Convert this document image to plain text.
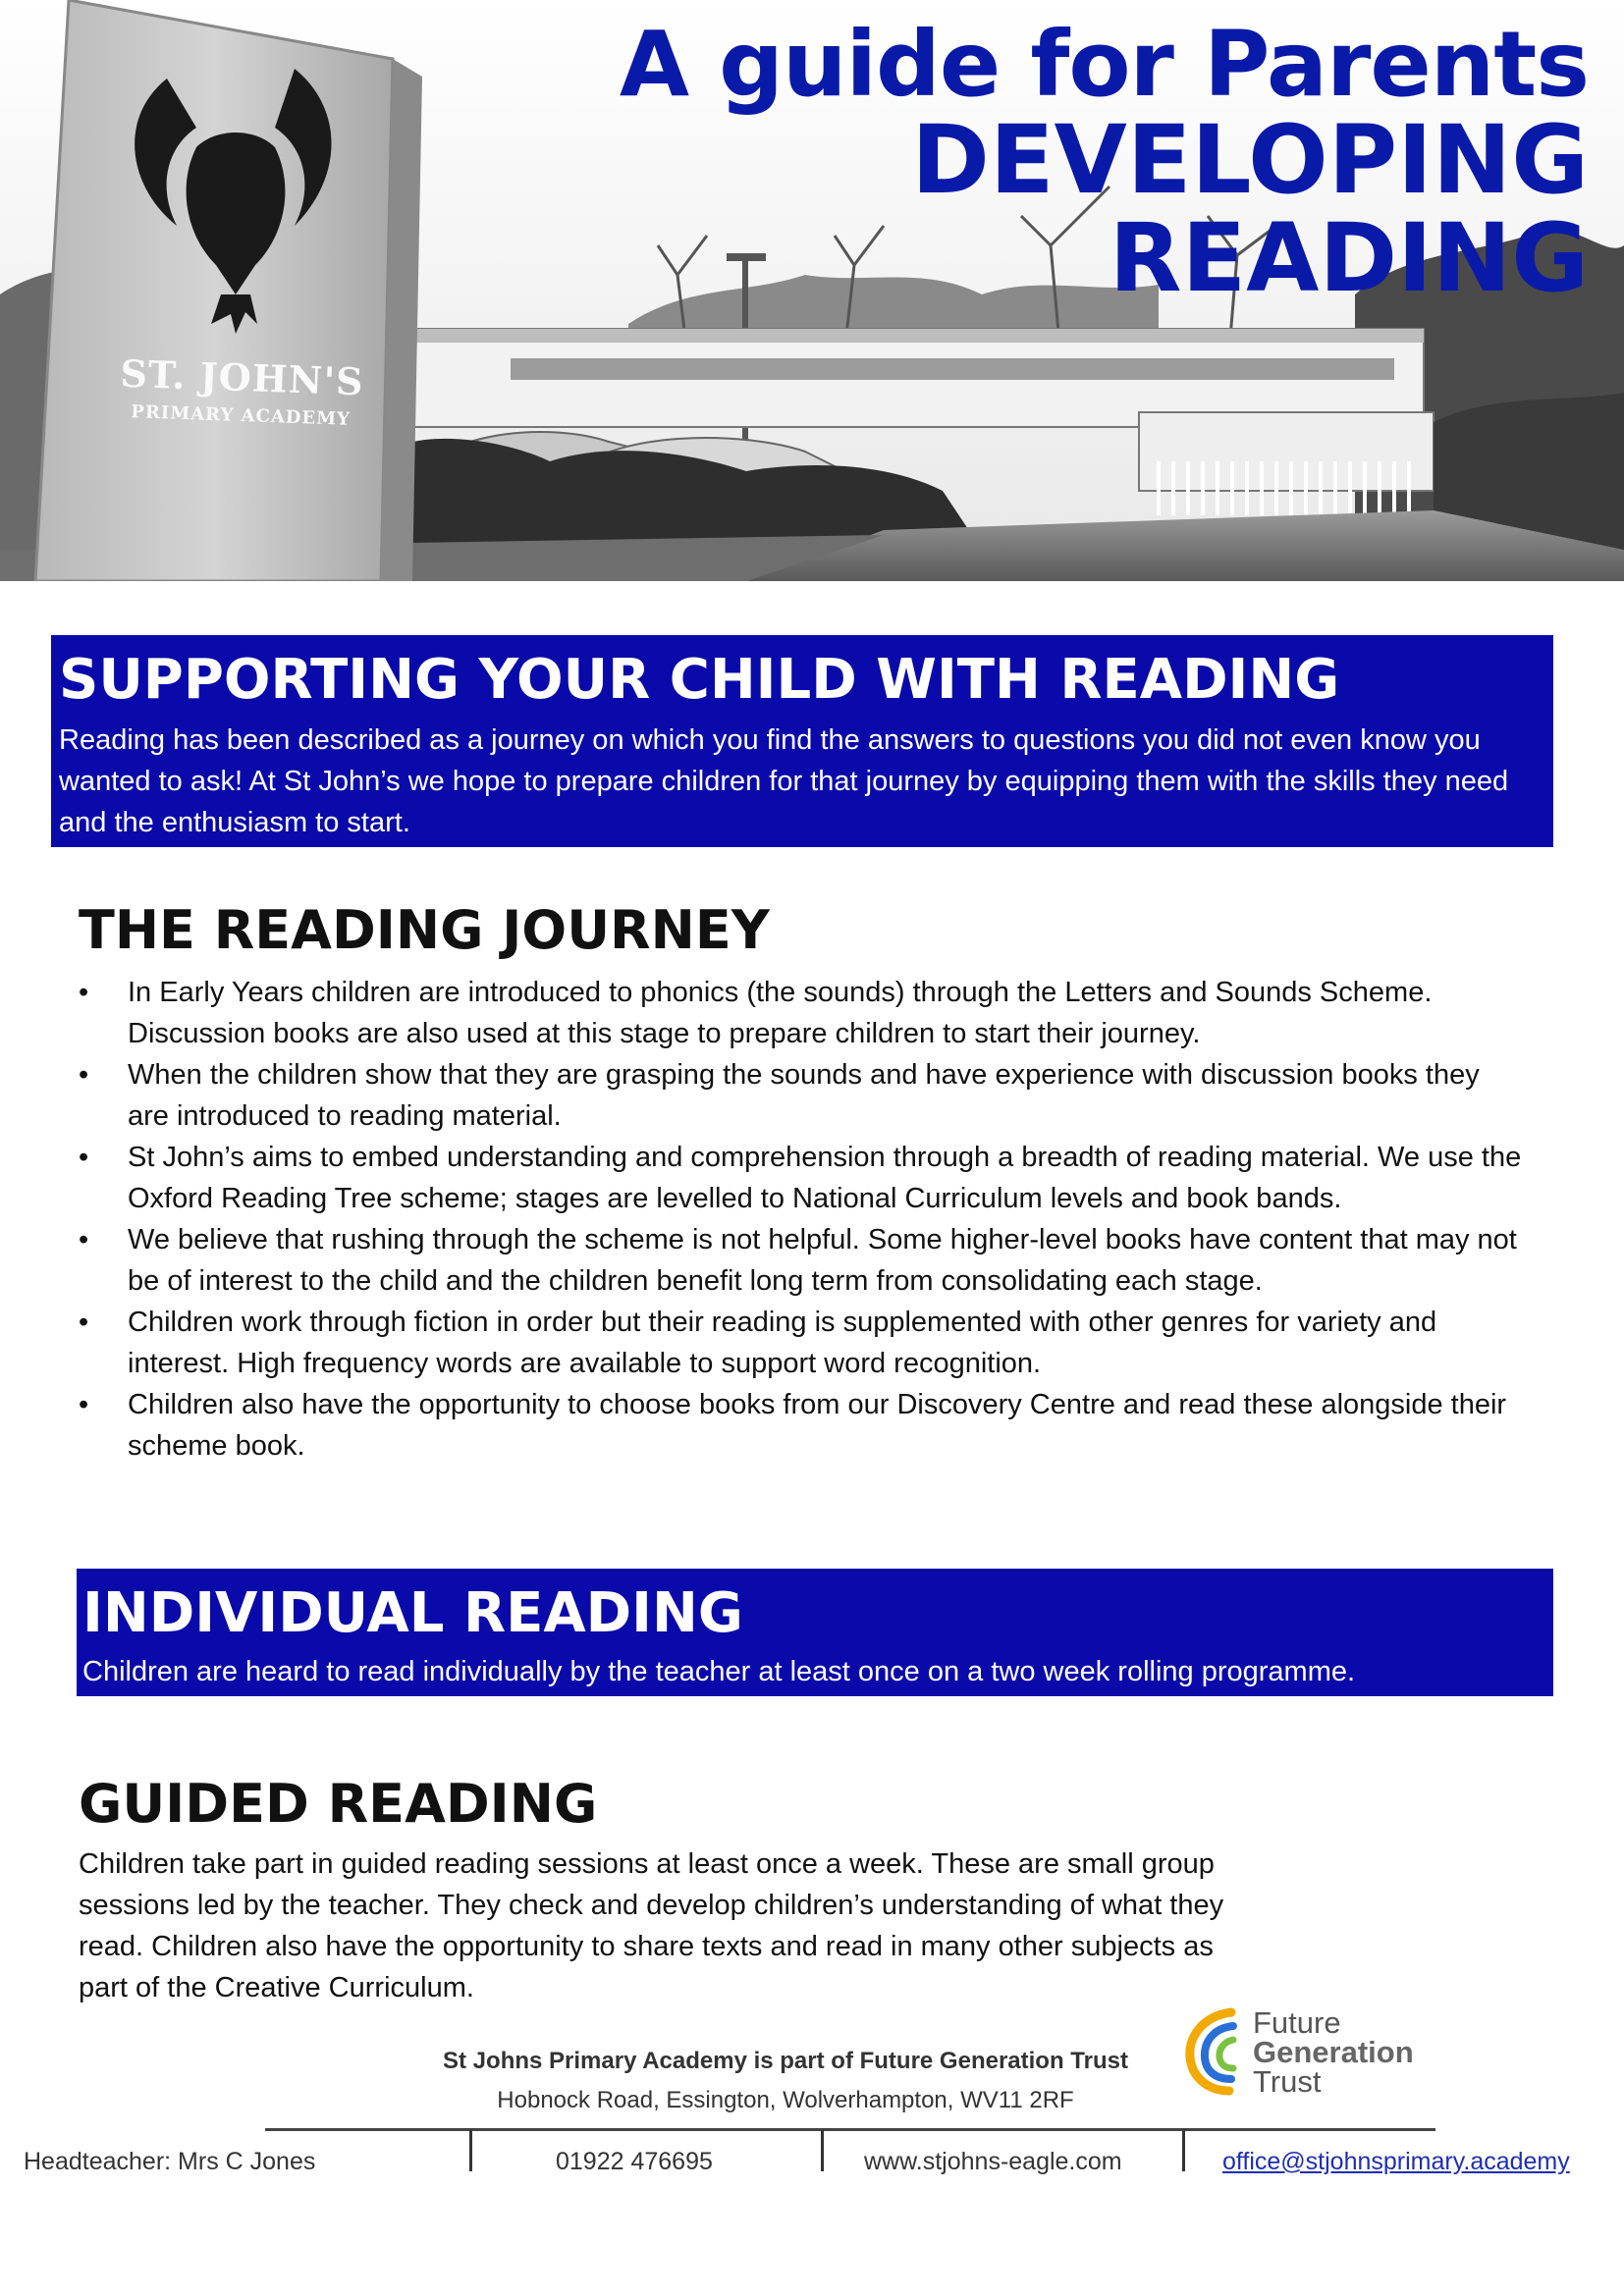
ST. JOHN'S
PRIMARY ACADEMY
A guide for Parents
DEVELOPING
READING
SUPPORTING YOUR CHILD WITH READING

Reading has been described as a journey on which you find the answers to questions you did not even know you wanted to ask! At St John’s we hope to prepare children for that journey by equipping them with the skills they need and the enthusiasm to start.

THE READING JOURNEY
•	In Early Years children are introduced to phonics (the sounds) through the Letters and Sounds Scheme. Discussion books are also used at this stage to prepare children to start their journey.
•	When the children show that they are grasping the sounds and have experience with discussion books they are introduced to reading material.
•	St John’s aims to embed understanding and comprehension through a breadth of reading material. We use the Oxford Reading Tree scheme; stages are levelled to National Curriculum levels and book bands.
•	We believe that rushing through the scheme is not helpful. Some higher-level books have content that may not be of interest to the child and the children benefit long term from consolidating each stage.
•	Children work through fiction in order but their reading is supplemented with other genres for variety and interest. High frequency words are available to support word recognition.
•	Children also have the opportunity to choose books from our Discovery Centre and read these alongside their scheme book.
INDIVIDUAL READING

Children are heard to read individually by the teacher at least once on a two week rolling programme.

GUIDED READING

Children take part in guided reading sessions at least once a week. These are small group sessions led by the teacher. They check and develop children’s understanding of what they read. Children also have the opportunity to share texts and read in many other subjects as part of the Creative Curriculum.

St Johns Primary Academy is part of Future Generation Trust
Hobnock Road, Essington, Wolverhampton, WV11 2RF
Future
Generation
Trust
Headteacher: Mrs C Jones	01922 476695	www.stjohns-eagle.com	office@stjohnsprimary.academy
